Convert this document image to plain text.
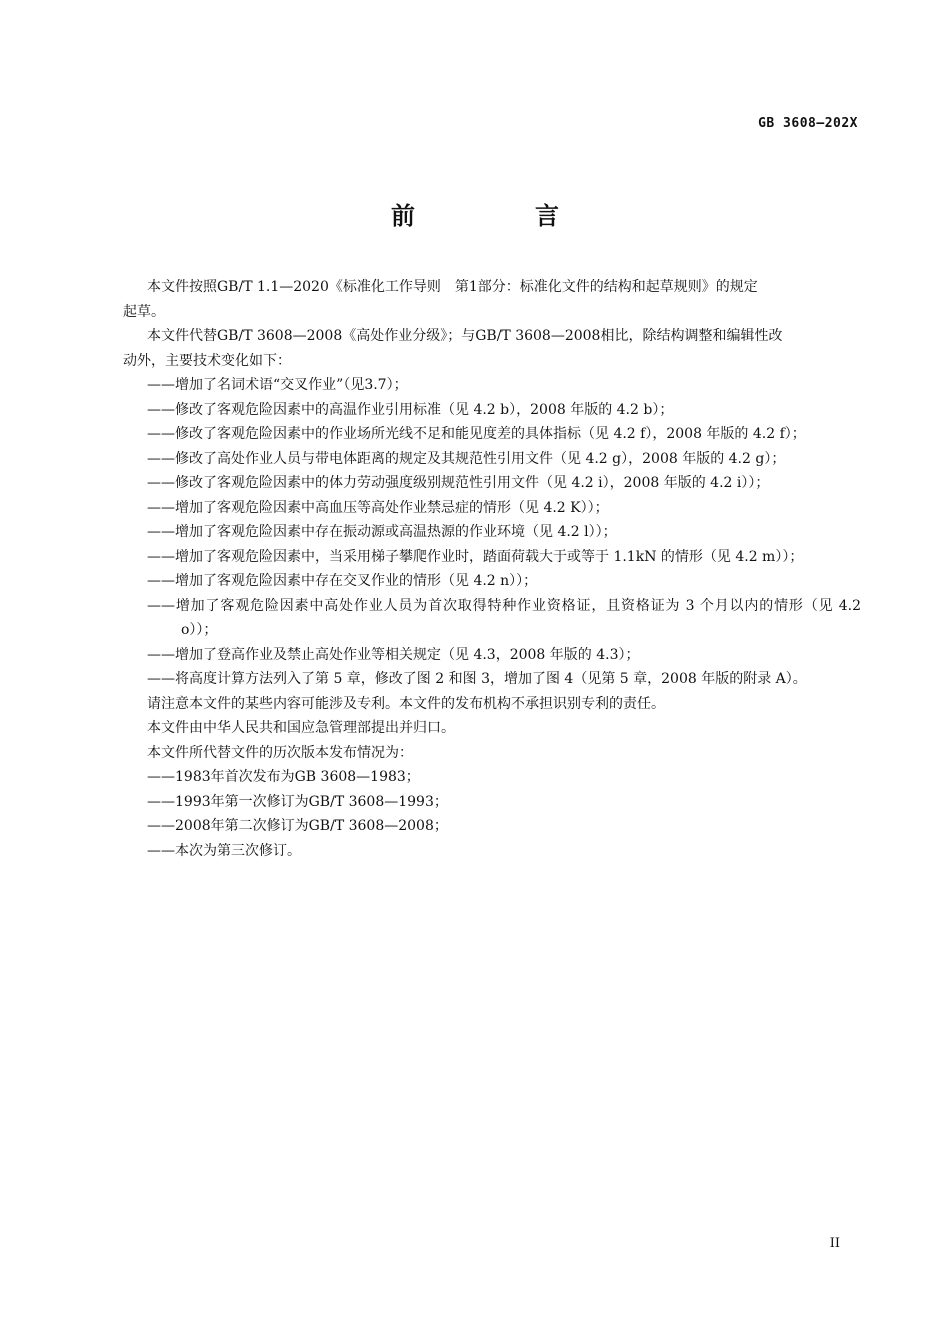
GB 3608—202X
前　言

本文件按照GB/T 1.1—2020《标准化工作导则　第1部分：标准化文件的结构和起草规则》的规定
起草。

本文件代替GB/T 3608—2008《高处作业分级》；与GB/T 3608—2008相比，除结构调整和编辑性改
动外，主要技术变化如下：

——增加了名词术语“交叉作业”（见3.7）；

——修改了客观危险因素中的高温作业引用标准（见 4.2 b），2008 年版的 4.2 b）；

——修改了客观危险因素中的作业场所光线不足和能见度差的具体指标（见 4.2 f），2008 年版的 4.2 f）；

——修改了高处作业人员与带电体距离的规定及其规范性引用文件（见 4.2 g），2008 年版的 4.2 g）；

——修改了客观危险因素中的体力劳动强度级别规范性引用文件（见 4.2 i），2008 年版的 4.2 i））；

——增加了客观危险因素中高血压等高处作业禁忌症的情形（见 4.2 K））；

——增加了客观危险因素中存在振动源或高温热源的作业环境（见 4.2 l））；

——增加了客观危险因素中，当采用梯子攀爬作业时，踏面荷载大于或等于 1.1kN 的情形（见 4.2 m））；

——增加了客观危险因素中存在交叉作业的情形（见 4.2 n））；

——增加了客观危险因素中高处作业人员为首次取得特种作业资格证，且资格证为 3 个月以内的情形（见 4.2 o））；

——增加了登高作业及禁止高处作业等相关规定（见 4.3，2008 年版的 4.3）；

——将高度计算方法列入了第 5 章，修改了图 2 和图 3，增加了图 4（见第 5 章，2008 年版的附录 A）。

请注意本文件的某些内容可能涉及专利。本文件的发布机构不承担识别专利的责任。

本文件由中华人民共和国应急管理部提出并归口。

本文件所代替文件的历次版本发布情况为：

——1983年首次发布为GB 3608—1983；

——1993年第一次修订为GB/T 3608—1993；

——2008年第二次修订为GB/T 3608—2008；

——本次为第三次修订。

II
